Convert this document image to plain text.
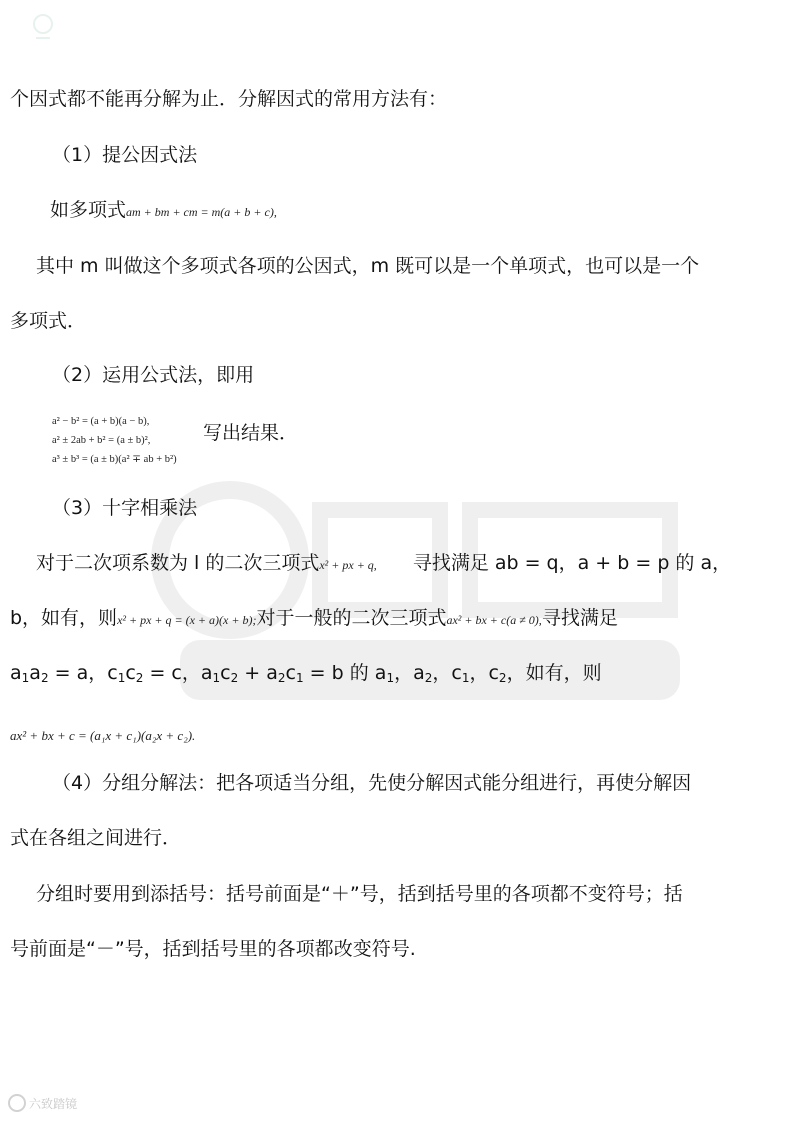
个因式都不能再分解为止．分解因式的常用方法有：
（1）提公因式法
如多项式am + bm + cm = m(a + b + c),
其中 m 叫做这个多项式各项的公因式，m 既可以是一个单项式，也可以是一个
多项式．
（2）运用公式法，即用
a² − b² = (a + b)(a − b),
a² ± 2ab + b² = (a ± b)²,
a³ ± b³ = (a ± b)(a² ∓ ab + b²)
写出结果．
（3）十字相乘法
对于二次项系数为 l 的二次三项式x² + px + q, 寻找满足 ab = q，a + b = p 的 a，
b，如有，则x² + px + q = (x + a)(x + b);对于一般的二次三项式ax² + bx + c(a ≠ 0),寻找满足
$a_1a_2 = a$，$c_1c_2 = c$，$a_1c_2 + a_2c_1 = b$ 的 $a_1$，$a_2$，$c_1$，$c_2$，如有，则
ax² + bx + c = (a₁x + c₁)(a₂x + c₂).
（4）分组分解法：把各项适当分组，先使分解因式能分组进行，再使分解因
式在各组之间进行．
分组时要用到添括号：括号前面是“＋”号，括到括号里的各项都不变符号；括
号前面是“－”号，括到括号里的各项都改变符号.
六致踏镜
